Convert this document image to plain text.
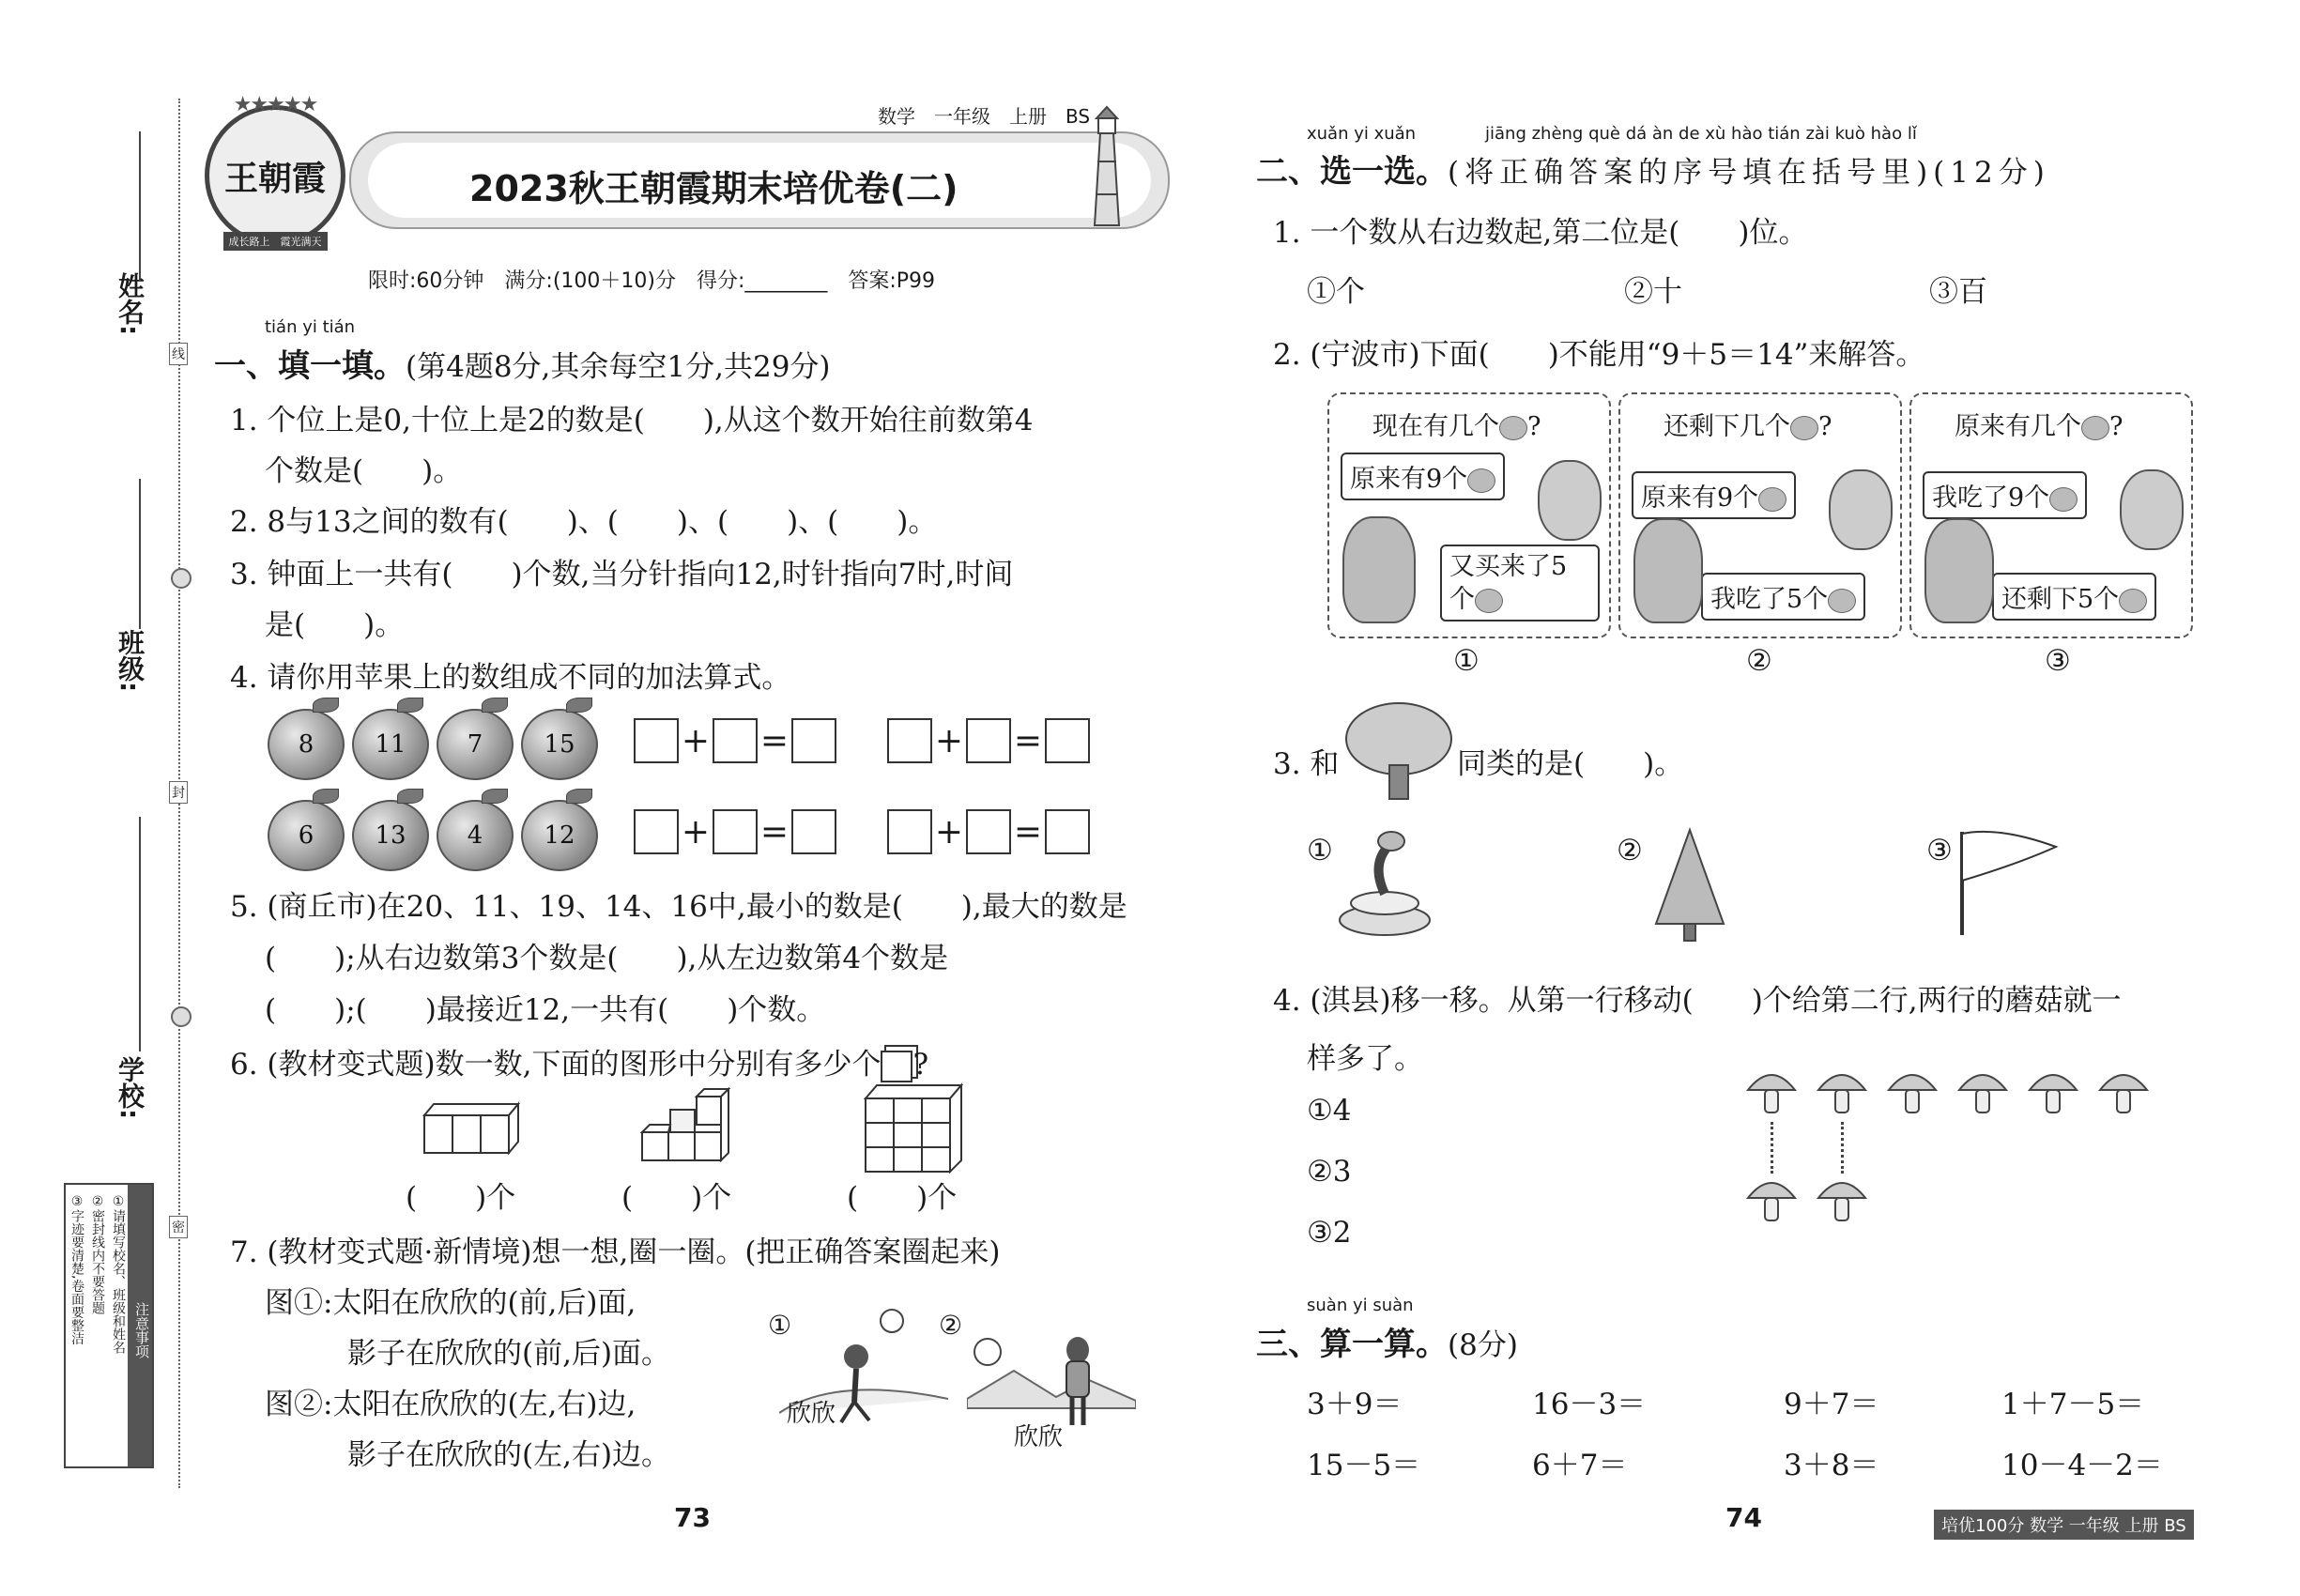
姓名:
班级:
学校:
线
封
密
注意事项
①请填写校名、班级和姓名
②密封线内不要答题
③字迹要清楚,卷面要整洁
★★★★★
王朝霞
成长路上　霞光满天
数学　一年级　上册　BS
2023秋王朝霞期末培优卷(二)
限时:60分钟　满分:(100＋10)分　得分:________　答案:P99
tián yi tián
一、填一填。(第4题8分,其余每空1分,共29分)
1. 个位上是0,十位上是2的数是(　　),从这个数开始往前数第4
个数是(　　)。
2. 8与13之间的数有(　　)、(　　)、(　　)、(　　)。
3. 钟面上一共有(　　)个数,当分针指向12,时针指向7时,时间
是(　　)。
4. 请你用苹果上的数组成不同的加法算式。
8	11	7	15
6	13	4	12
+ =	+ =
+ =	+ =
5. (商丘市)在20、11、19、14、16中,最小的数是(　　),最大的数是
(　　);从右边数第3个数是(　　),从左边数第4个数是
(　　);(　　)最接近12,一共有(　　)个数。
6. (教材变式题)数一数,下面的图形中分别有多少个 ?
(　　)个	(　　)个	(　　)个
7. (教材变式题·新情境)想一想,圈一圈。(把正确答案圈起来)
图①:太阳在欣欣的(前,后)面,
影子在欣欣的(前,后)面。
图②:太阳在欣欣的(左,右)边,
影子在欣欣的(左,右)边。
①	②
欣欣
欣欣
73
xuǎn yi xuǎn	jiāng zhèng què dá àn de xù hào tián zài kuò hào lǐ
二、选一选。(将正确答案的序号填在括号里)(12分)
1. 一个数从右边数起,第二位是(　　)位。
①个	②十	③百
2. (宁波市)下面(　　)不能用“9＋5＝14”来解答。
现在有几个 ?
原来有9个
又买来了5
个
还剩下几个 ?
原来有9个
我吃了5个
原来有几个 ?
我吃了9个
还剩下5个
①	②	③
3. 和	同类的是(　　)。
①	②	③
4. (淇县)移一移。从第一行移动(　　)个给第二行,两行的蘑菇就一
样多了。
①4
②3
③2
suàn yi suàn
三、算一算。(8分)
3＋9＝	16－3＝	9＋7＝	1＋7－5＝
15－5＝	6＋7＝	3＋8＝	10－4－2＝
74	培优100分 数学 一年级 上册 BS
